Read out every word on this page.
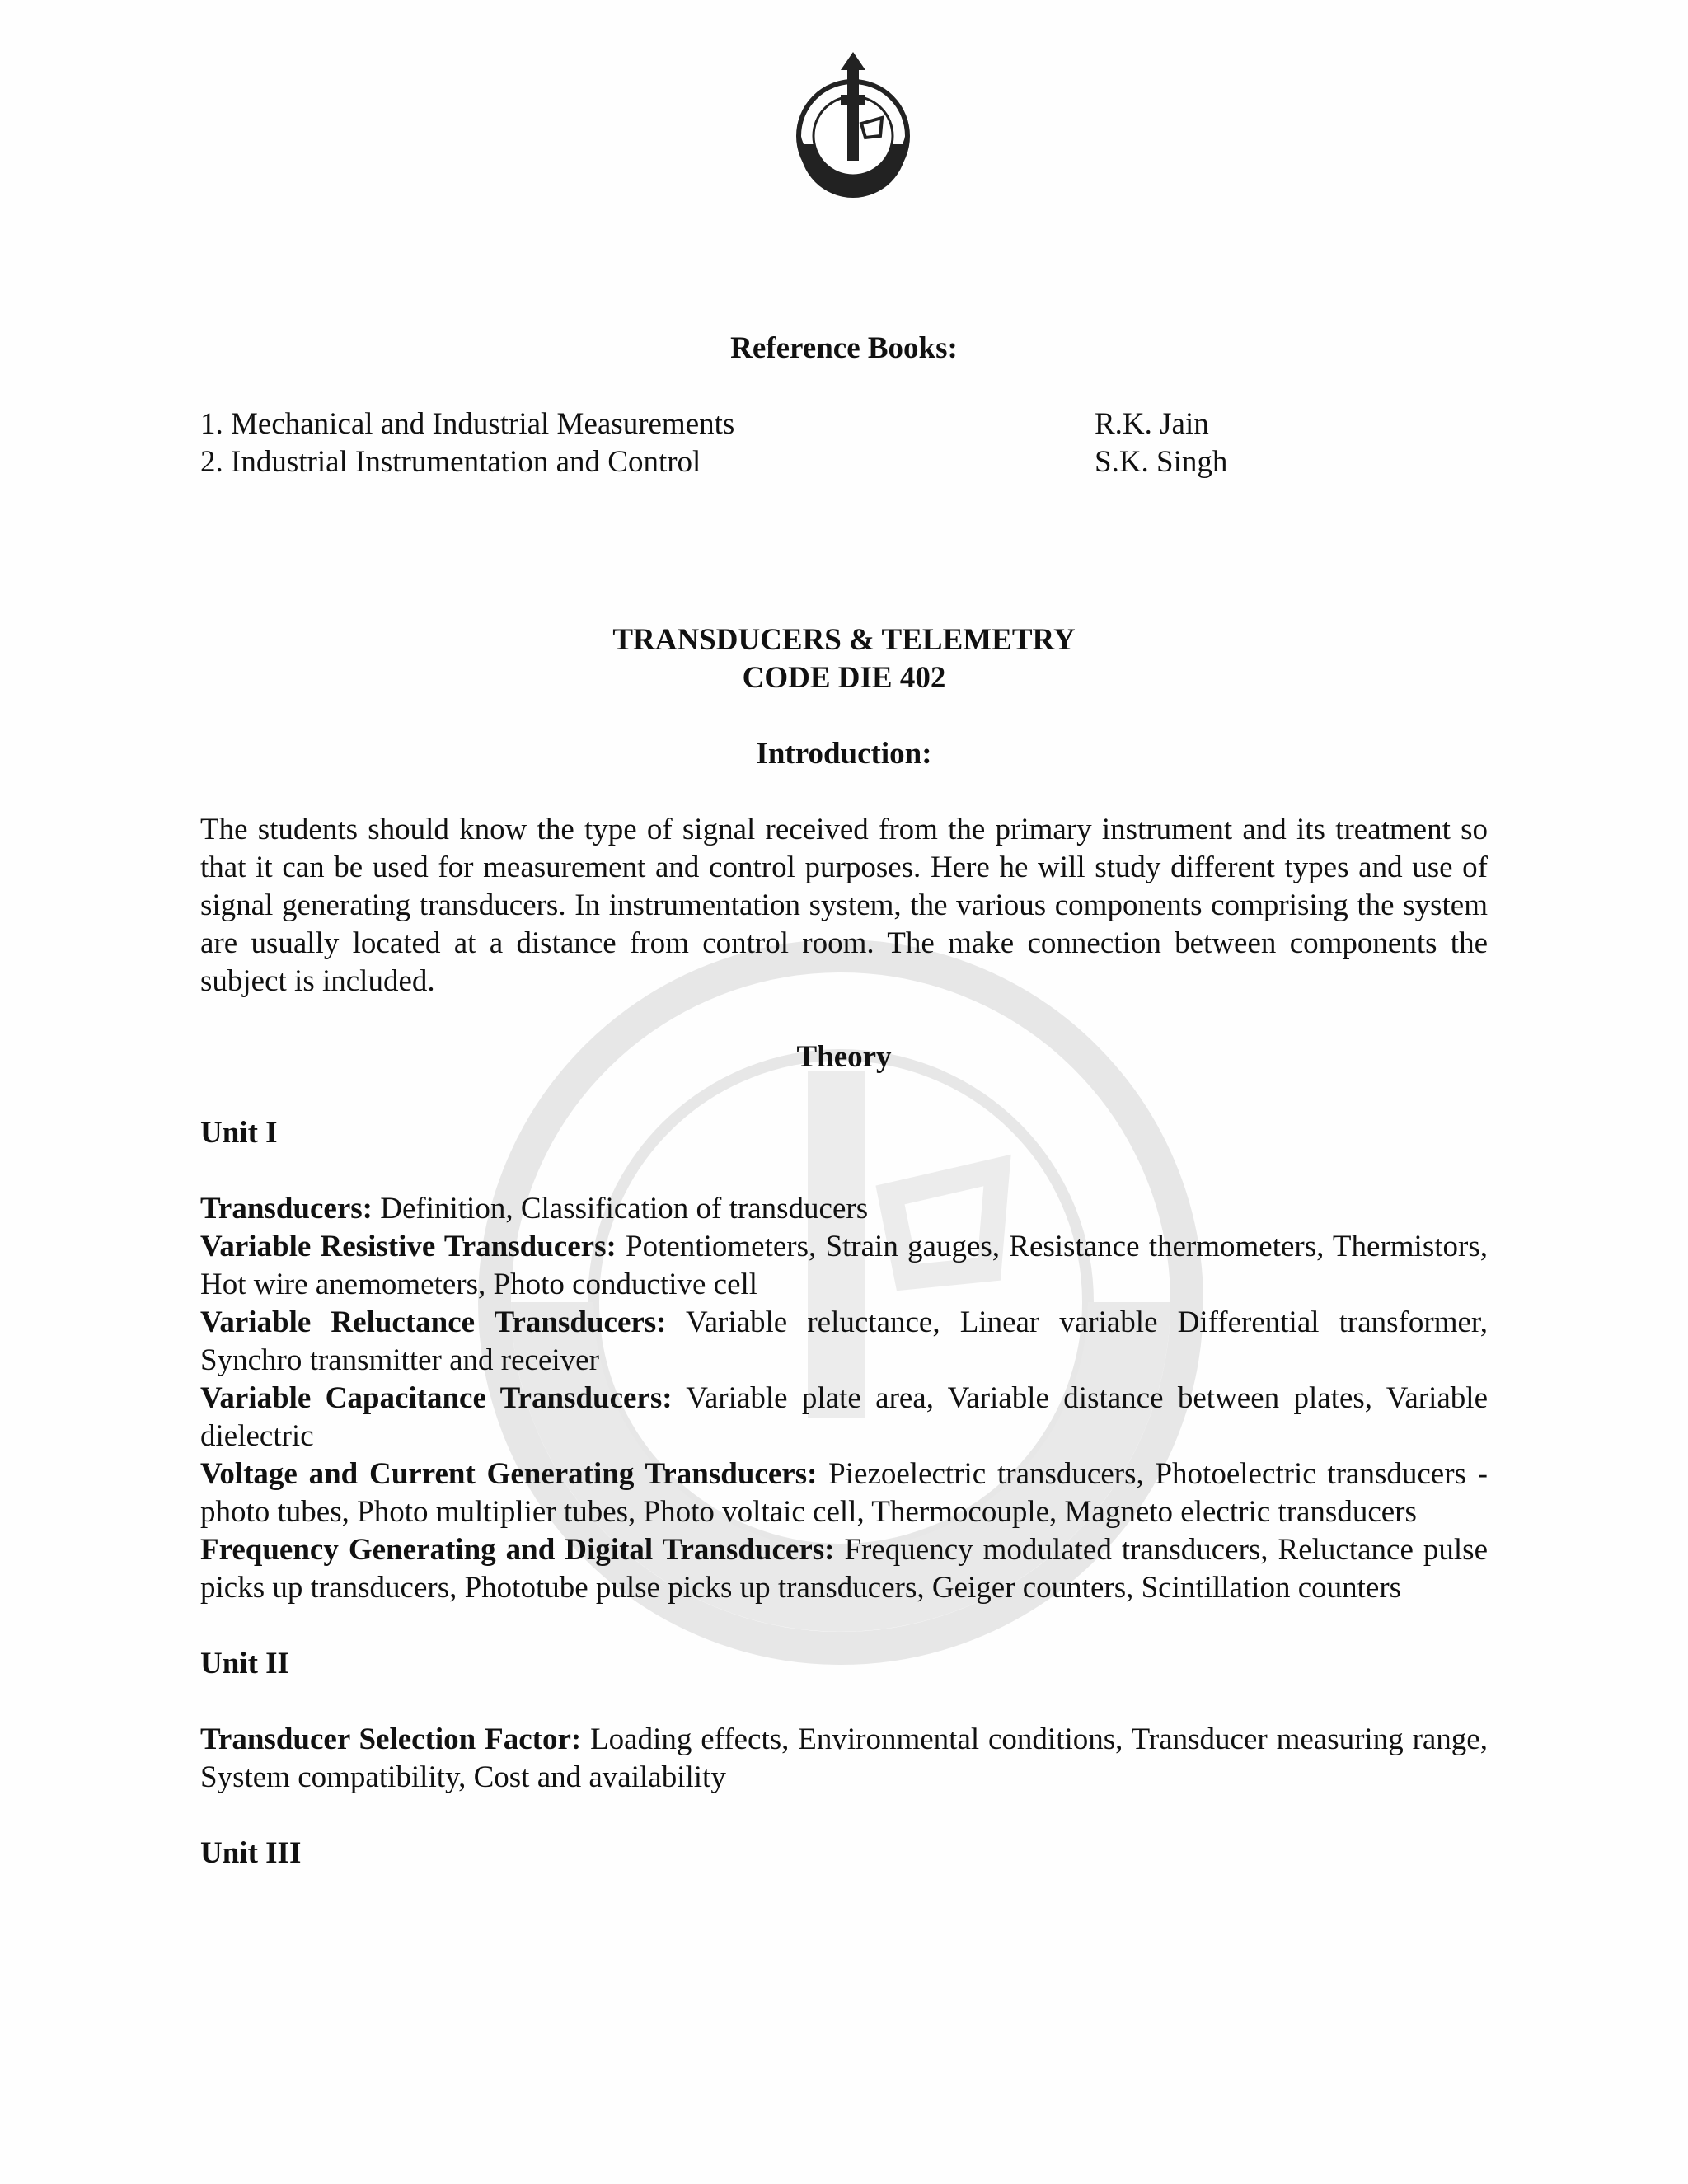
Reference Books:

1. Mechanical and Industrial Measurements	R.K. Jain
2. Industrial Instrumentation and Control	S.K. Singh

TRANSDUCERS & TELEMETRY

CODE DIE 402

Introduction:

The students should know the type of signal received from the primary instrument and its treatment so that it can be used for measurement and control purposes. Here he will study different types and use of signal generating transducers. In instrumentation system, the various components comprising the system are usually located at a distance from control room. The make connection between components the subject is included.

Theory

Unit I

Transducers: Definition, Classification of transducers

Variable Resistive Transducers: Potentiometers, Strain gauges, Resistance thermometers, Thermistors, Hot wire anemometers, Photo conductive cell

Variable Reluctance Transducers: Variable reluctance, Linear variable Differential transformer, Synchro transmitter and receiver

Variable Capacitance Transducers: Variable plate area, Variable distance between plates, Variable dielectric

Voltage and Current Generating Transducers: Piezoelectric transducers, Photoelectric transducers - photo tubes, Photo multiplier tubes, Photo voltaic cell, Thermocouple, Magneto electric transducers

Frequency Generating and Digital Transducers: Frequency modulated transducers, Reluctance pulse picks up transducers, Phototube pulse picks up transducers, Geiger counters, Scintillation counters

Unit II

Transducer Selection Factor: Loading effects, Environmental conditions, Transducer measuring range, System compatibility, Cost and availability

Unit III
